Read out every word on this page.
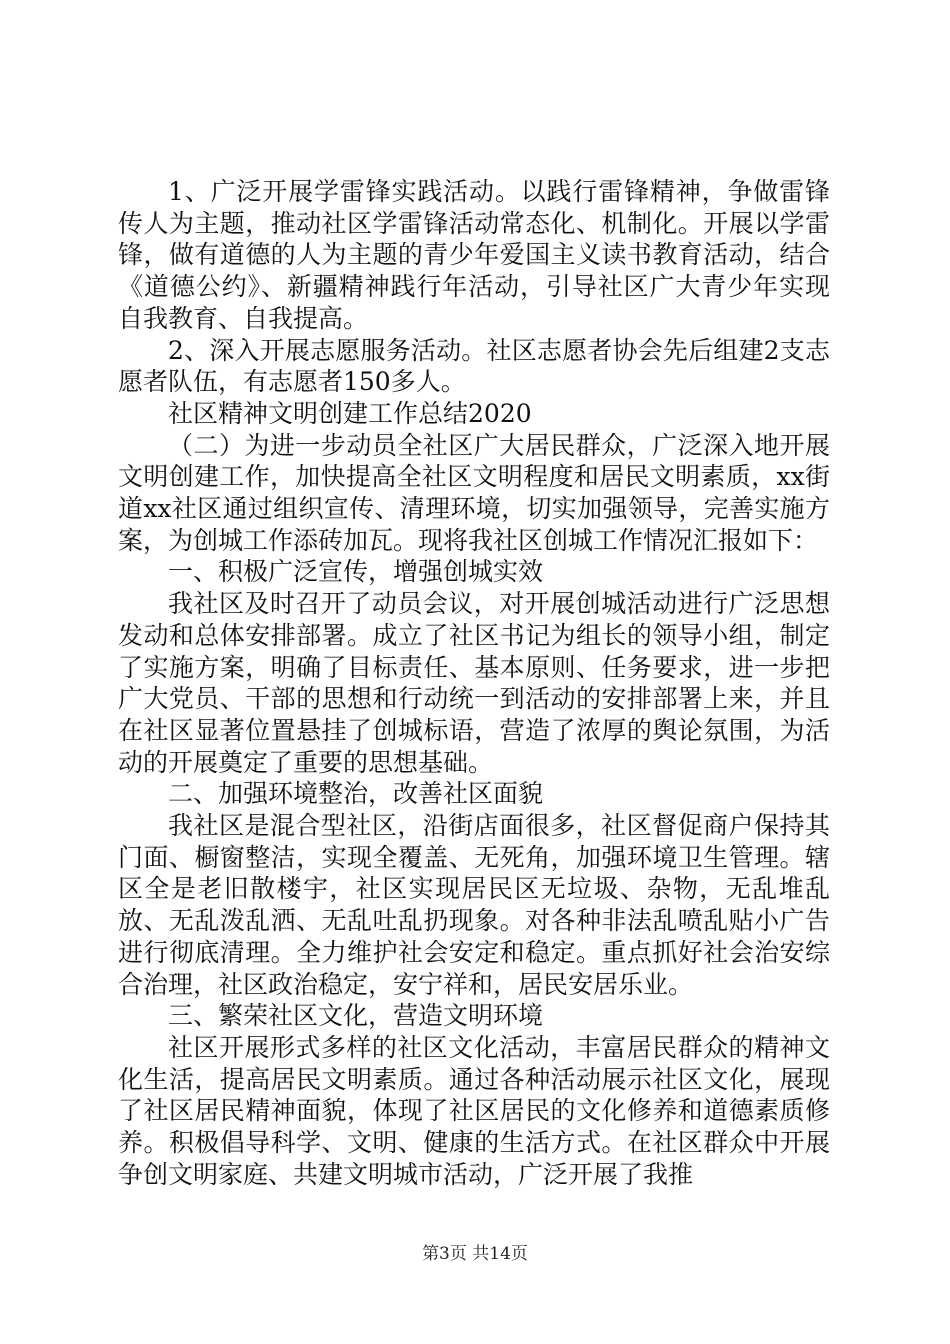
1、广泛开展学雷锋实践活动。以践行雷锋精神，争做雷锋传人为主题，推动社区学雷锋活动常态化、机制化。开展以学雷锋，做有道德的人为主题的青少年爱国主义读书教育活动，结合《道德公约》、新疆精神践行年活动，引导社区广大青少年实现自我教育、自我提高。

2、深入开展志愿服务活动。社区志愿者协会先后组建2支志愿者队伍，有志愿者150多人。

社区精神文明创建工作总结2020

（二）为进一步动员全社区广大居民群众，广泛深入地开展文明创建工作，加快提高全社区文明程度和居民文明素质，xx街道xx社区通过组织宣传、清理环境，切实加强领导，完善实施方案，为创城工作添砖加瓦。现将我社区创城工作情况汇报如下：

一、积极广泛宣传，增强创城实效

我社区及时召开了动员会议，对开展创城活动进行广泛思想发动和总体安排部署。成立了社区书记为组长的领导小组，制定了实施方案，明确了目标责任、基本原则、任务要求，进一步把广大党员、干部的思想和行动统一到活动的安排部署上来，并且在社区显著位置悬挂了创城标语，营造了浓厚的舆论氛围，为活动的开展奠定了重要的思想基础。

二、加强环境整治，改善社区面貌

我社区是混合型社区，沿街店面很多，社区督促商户保持其门面、橱窗整洁，实现全覆盖、无死角，加强环境卫生管理。辖区全是老旧散楼宇，社区实现居民区无垃圾、杂物，无乱堆乱放、无乱泼乱洒、无乱吐乱扔现象。对各种非法乱喷乱贴小广告进行彻底清理。全力维护社会安定和稳定。重点抓好社会治安综合治理，社区政治稳定，安宁祥和，居民安居乐业。

三、繁荣社区文化，营造文明环境

社区开展形式多样的社区文化活动，丰富居民群众的精神文化生活，提高居民文明素质。通过各种活动展示社区文化，展现了社区居民精神面貌，体现了社区居民的文化修养和道德素质修养。积极倡导科学、文明、健康的生活方式。在社区群众中开展争创文明家庭、共建文明城市活动，广泛开展了我推

第3页 共14页
